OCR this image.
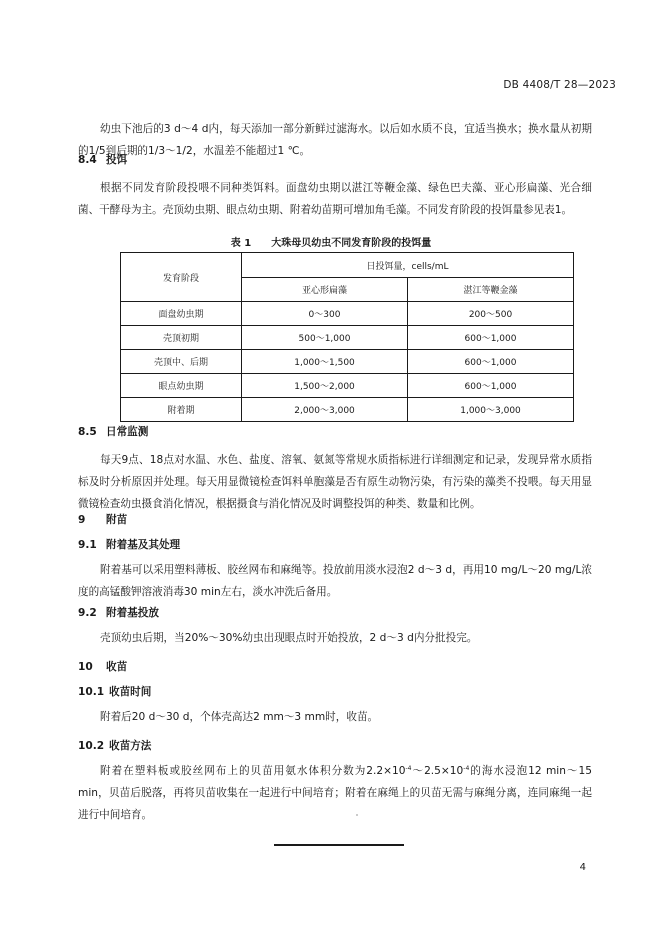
DB 4408/T 28—2023
幼虫下池后的3 d～4 d内，每天添加一部分新鲜过滤海水。以后如水质不良，宜适当换水；换水量从初期的1/5到后期的1/3～1/2，水温差不能超过1 ℃。
8.4 投饵
根据不同发育阶段投喂不同种类饵料。面盘幼虫期以湛江等鞭金藻、绿色巴夫藻、亚心形扁藻、光合细菌、干酵母为主。壳顶幼虫期、眼点幼虫期、附着幼苗期可增加角毛藻。不同发育阶段的投饵量参见表1。
表 1 大珠母贝幼虫不同发育阶段的投饵量
发育阶段	日投饵量，cells/mL	
	亚心形扁藻	湛江等鞭金藻
面盘幼虫期	0～300	200～500
壳顶初期	500～1,000	600～1,000
壳顶中、后期	1,000～1,500	600～1,000
眼点幼虫期	1,500～2,000	600～1,000
附着期	2,000～3,000	1,000～3,000
8.5 日常监测
每天9点、18点对水温、水色、盐度、溶氧、氨氮等常规水质指标进行详细测定和记录，发现异常水质指标及时分析原因并处理。每天用显微镜检查饵料单胞藻是否有原生动物污染，有污染的藻类不投喂。每天用显微镜检查幼虫摄食消化情况，根据摄食与消化情况及时调整投饵的种类、数量和比例。
9 附苗
9.1 附着基及其处理
附着基可以采用塑料薄板、胶丝网布和麻绳等。投放前用淡水浸泡2 d～3 d，再用10 mg/L～20 mg/L浓度的高锰酸钾溶液消毒30 min左右，淡水冲洗后备用。
9.2 附着基投放
壳顶幼虫后期，当20%～30%幼虫出现眼点时开始投放，2 d～3 d内分批投完。
10 收苗
10.1 收苗时间
附着后20 d～30 d，个体壳高达2 mm～3 mm时，收苗。
10.2 收苗方法
附着在塑料板或胶丝网布上的贝苗用氨水体积分数为$2.2\times 10^{-4}\sim 2.5\times 10^{-4}$的海水浸泡12 min～15 min，贝苗后脱落，再将贝苗收集在一起进行中间培育；附着在麻绳上的贝苗无需与麻绳分离，连同麻绳一起进行中间培育。
4
